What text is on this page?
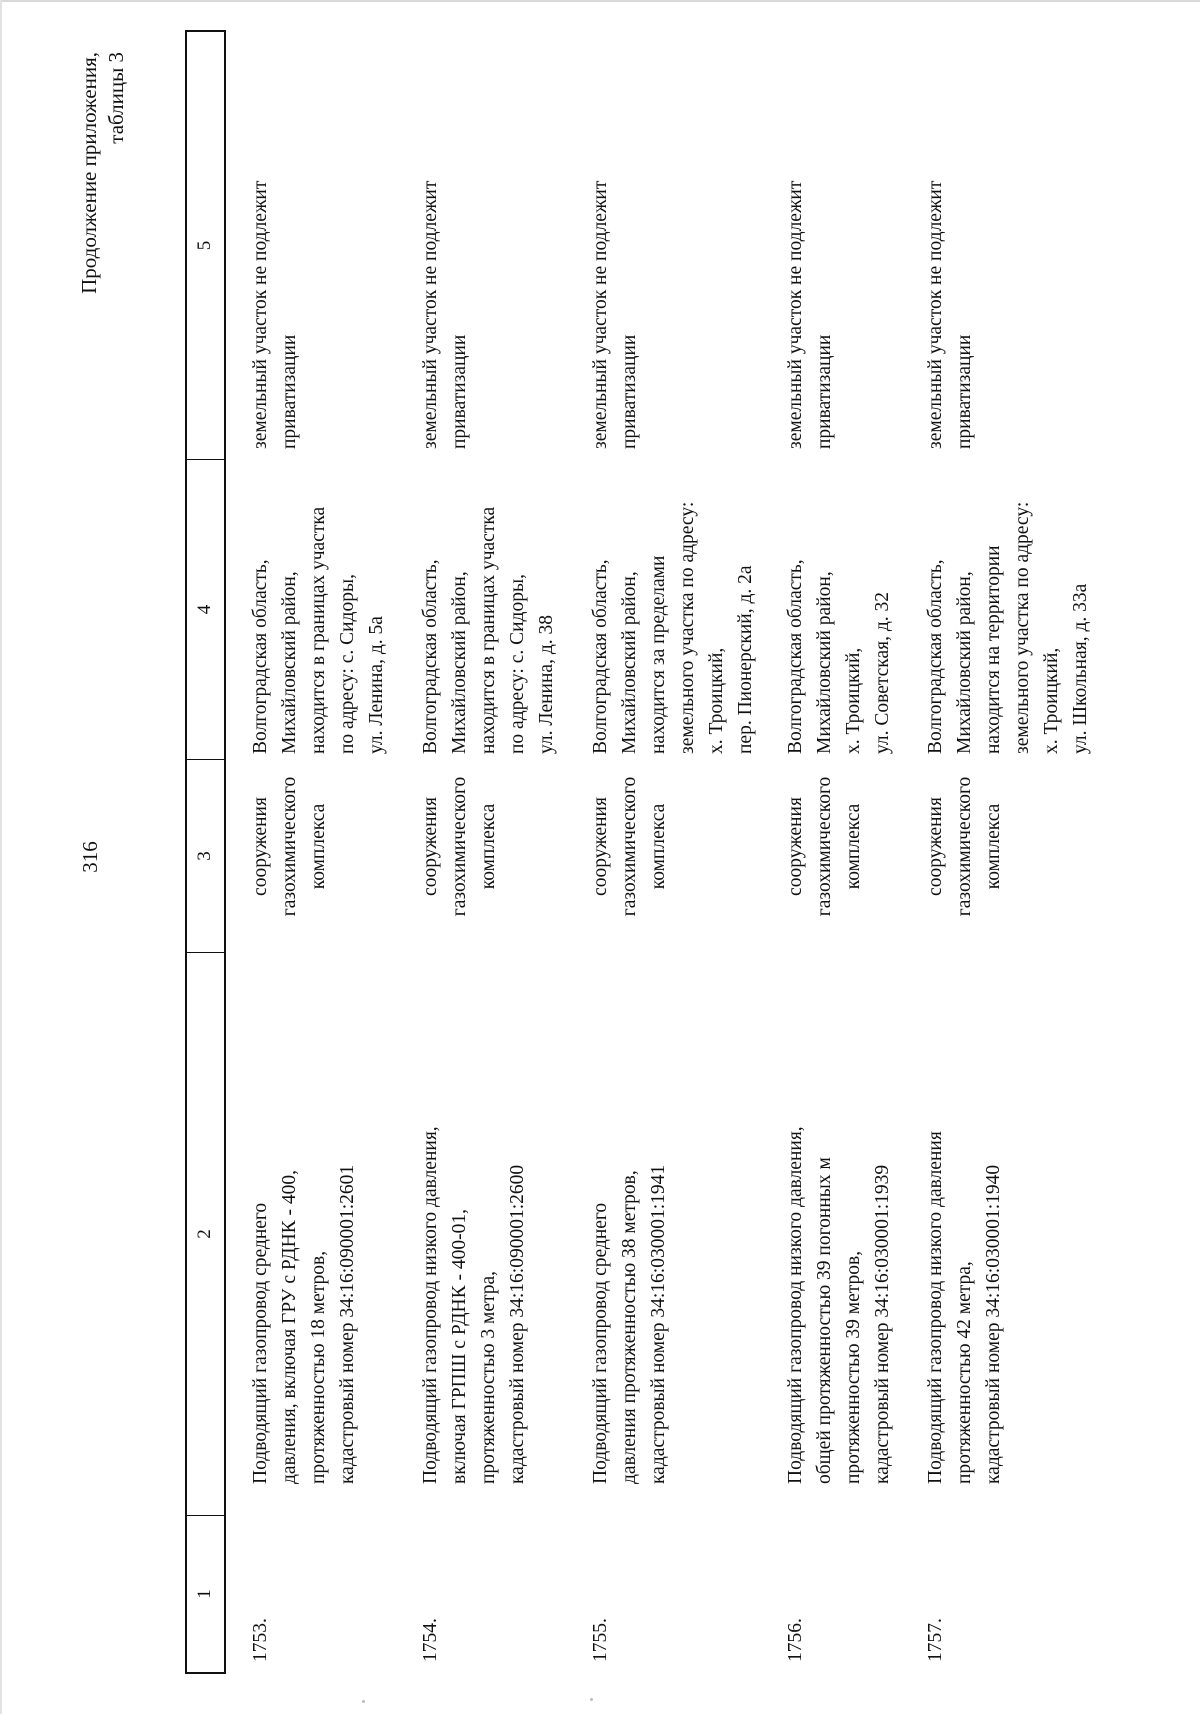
Продолжение приложения, таблицы 3
316
1
2
3
4
5
1753.
Подводящий газопровод среднего давления, включая ГРУ с РДНК - 400, протяженностью 18 метров, кадастровый номер 34:16:090001:2601
сооружения газохимического комплекса
Волгоградская область, Михайловский район, находится в границах участка по адресу: с. Сидоры, ул. Ленина, д. 5а
земельный участок не подлежит приватизации
1754.
Подводящий газопровод низкого давления, включая ГРПШ с РДНК - 400-01, протяженностью 3 метра, кадастровый номер 34:16:090001:2600
сооружения газохимического комплекса
Волгоградская область, Михайловский район, находится в границах участка по адресу: с. Сидоры, ул. Ленина, д. 38
земельный участок не подлежит приватизации
1755.
Подводящий газопровод среднего давления протяженностью 38 метров, кадастровый номер 34:16:030001:1941
сооружения газохимического комплекса
Волгоградская область, Михайловский район, находится за пределами земельного участка по адресу: х. Троицкий, пер. Пионерский, д. 2а
земельный участок не подлежит приватизации
1756.
Подводящий газопровод низкого давления, общей протяженностью 39 погонных м протяженностью 39 метров, кадастровый номер 34:16:030001:1939
сооружения газохимического комплекса
Волгоградская область, Михайловский район, х. Троицкий, ул. Советская, д. 32
земельный участок не подлежит приватизации
1757.
Подводящий газопровод низкого давления протяженностью 42 метра, кадастровый номер 34:16:030001:1940
сооружения газохимического комплекса
Волгоградская область, Михайловский район, находится на территории земельного участка по адресу: х. Троицкий, ул. Школьная, д. 33а
земельный участок не подлежит приватизации
